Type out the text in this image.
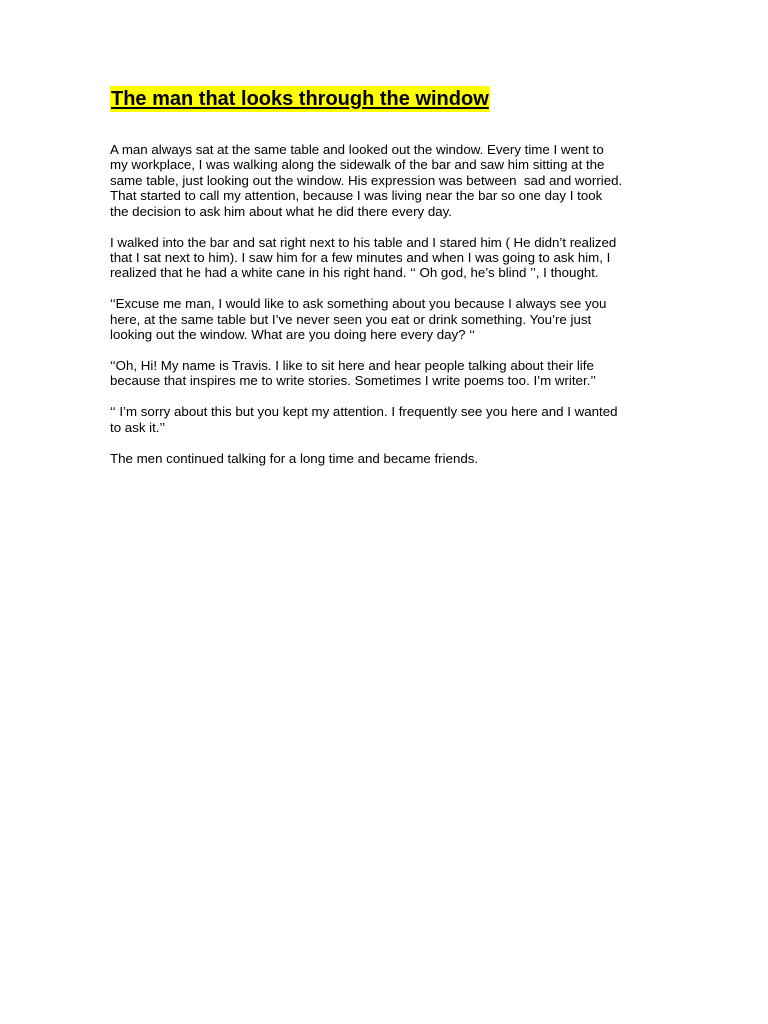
The man that looks through the window

A man always sat at the same table and looked out the window. Every time I went to
my workplace, I was walking along the sidewalk of the bar and saw him sitting at the
same table, just looking out the window. His expression was between  sad and worried.
That started to call my attention, because I was living near the bar so one day I took
the decision to ask him about what he did there every day.

I walked into the bar and sat right next to his table and I stared him ( He didn’t realized
that I sat next to him). I saw him for a few minutes and when I was going to ask him, I
realized that he had a white cane in his right hand. ‘‘ Oh god, he’s blind ’’, I thought.

‘‘Excuse me man, I would like to ask something about you because I always see you
here, at the same table but I’ve never seen you eat or drink something. You’re just
looking out the window. What are you doing here every day? ‘‘

‘‘Oh, Hi! My name is Travis. I like to sit here and hear people talking about their life
because that inspires me to write stories. Sometimes I write poems too. I’m writer.’’

‘‘ I’m sorry about this but you kept my attention. I frequently see you here and I wanted
to ask it.’’

The men continued talking for a long time and became friends.
